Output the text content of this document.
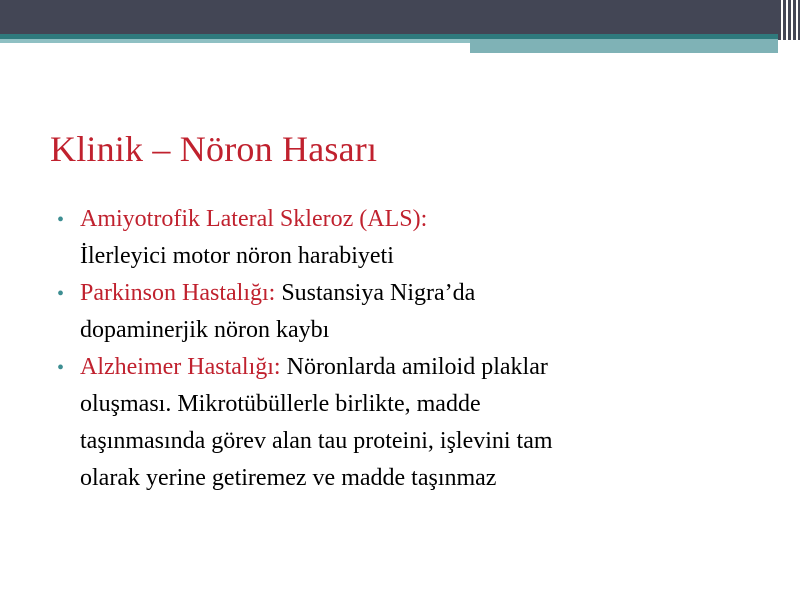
Klinik – Nöron Hasarı
• Amiyotrofik Lateral Skleroz (ALS):
İlerleyici motor nöron harabiyeti
• Parkinson Hastalığı: Sustansiya Nigra’da
dopaminerjik nöron kaybı
• Alzheimer Hastalığı: Nöronlarda amiloid plaklar
oluşması. Mikrotübüllerle birlikte, madde
taşınmasında görev alan tau proteini, işlevini tam
olarak yerine getiremez ve madde taşınmaz
